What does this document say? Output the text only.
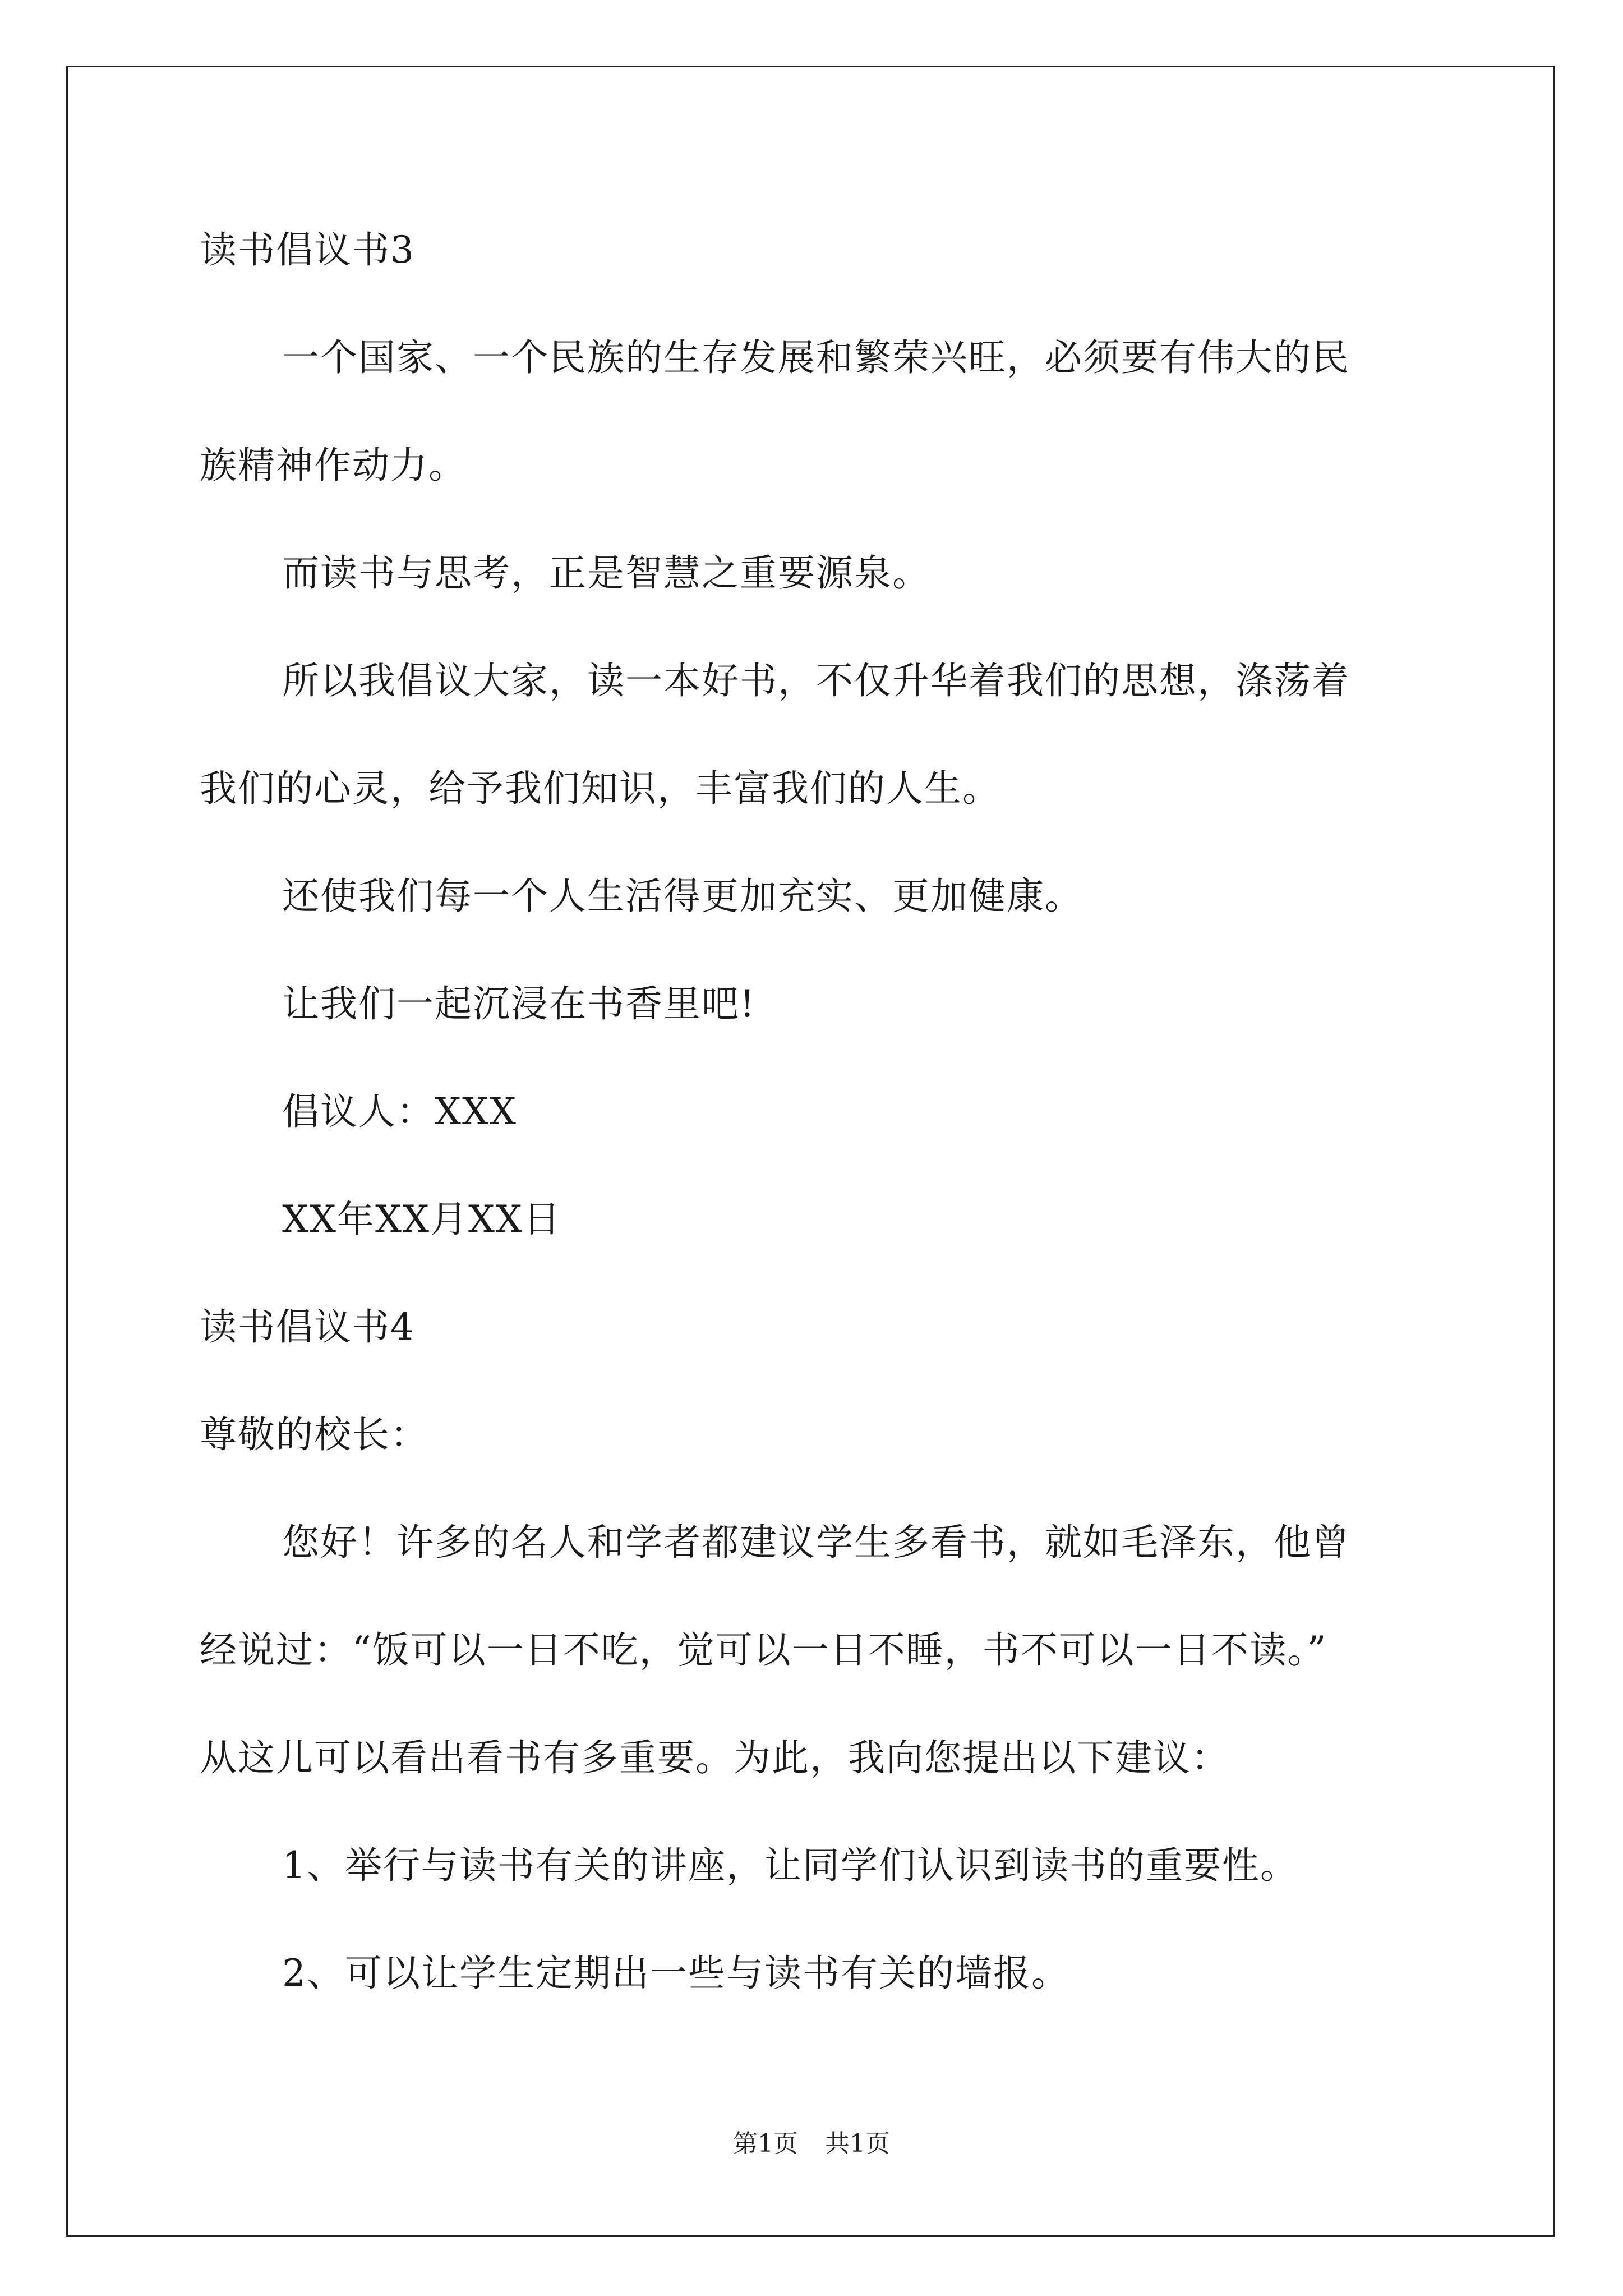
读书倡议书3
一个国家、一个民族的生存发展和繁荣兴旺，必须要有伟大的民
族精神作动力。
而读书与思考，正是智慧之重要源泉。
所以我倡议大家，读一本好书，不仅升华着我们的思想，涤荡着
我们的心灵，给予我们知识，丰富我们的人生。
还使我们每一个人生活得更加充实、更加健康。
让我们一起沉浸在书香里吧!
倡议人：XXX
XX年XX月XX日
读书倡议书4
尊敬的校长：
您好！许多的名人和学者都建议学生多看书，就如毛泽东，他曾
经说过：“饭可以一日不吃，觉可以一日不睡，书不可以一日不读。”
从这儿可以看出看书有多重要。为此，我向您提出以下建议：
1、举行与读书有关的讲座，让同学们认识到读书的重要性。
2、可以让学生定期出一些与读书有关的墙报。
第1页 共1页
